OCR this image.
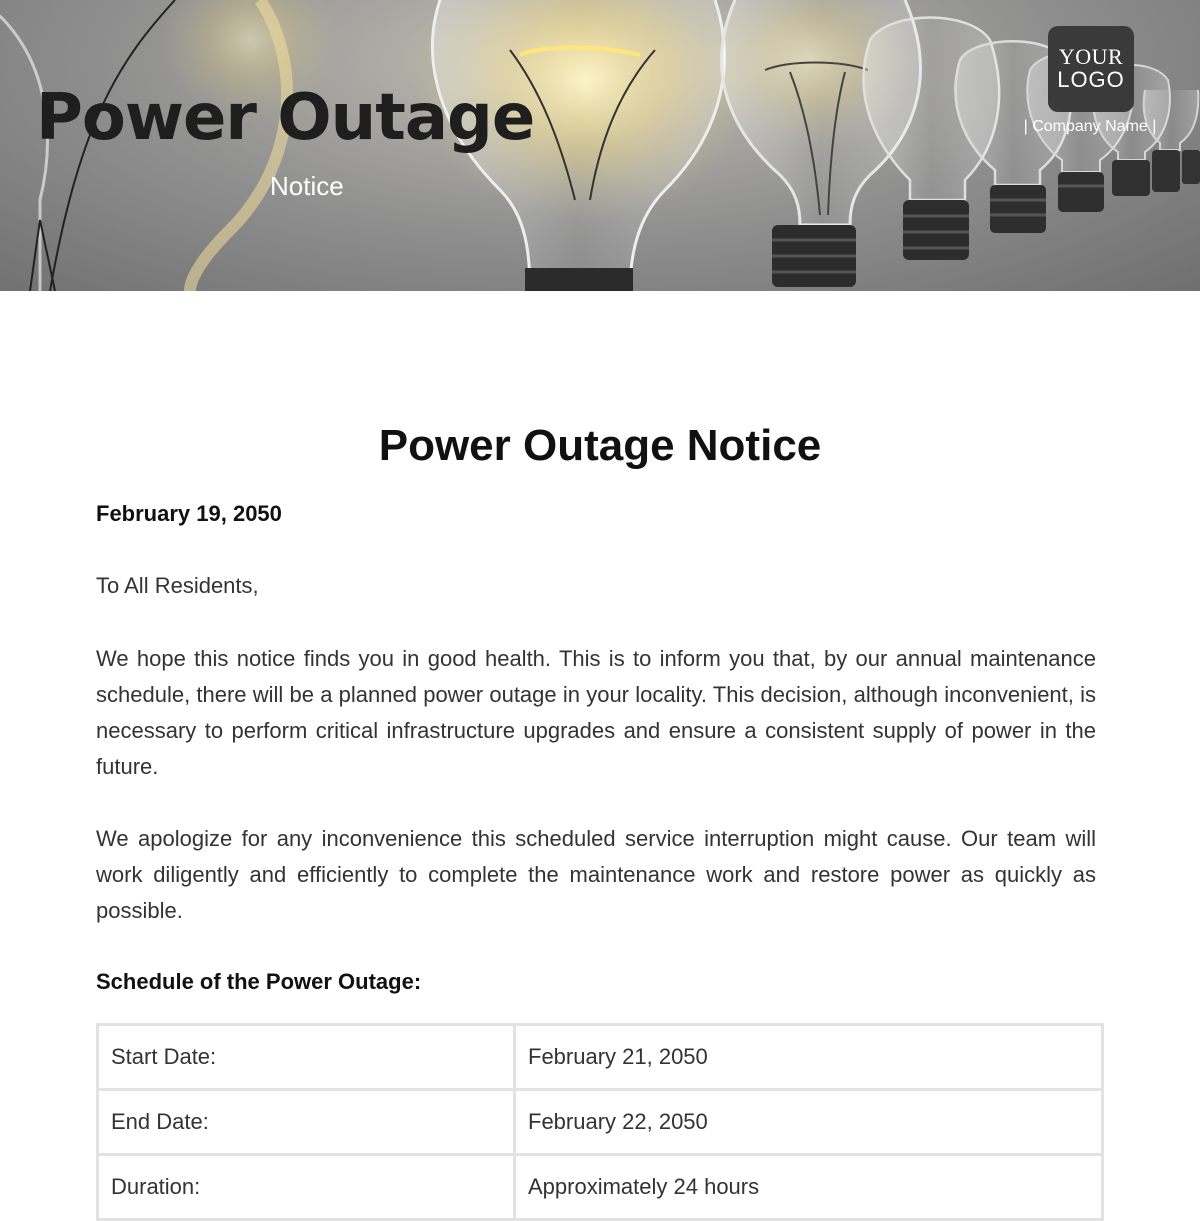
Power Outage
Notice
YOUR
LOGO
| Company Name |
Power Outage Notice
February 19, 2050
To All Residents,

We hope this notice finds you in good health. This is to inform you that, by our annual maintenance schedule, there will be a planned power outage in your locality. This decision, although inconvenient, is necessary to perform critical infrastructure upgrades and ensure a consistent supply of power in the future.

We apologize for any inconvenience this scheduled service interruption might cause. Our team will work diligently and efficiently to complete the maintenance work and restore power as quickly as possible.

Schedule of the Power Outage:
Start Date:	February 21, 2050
End Date:	February 22, 2050
Duration:	Approximately 24 hours
